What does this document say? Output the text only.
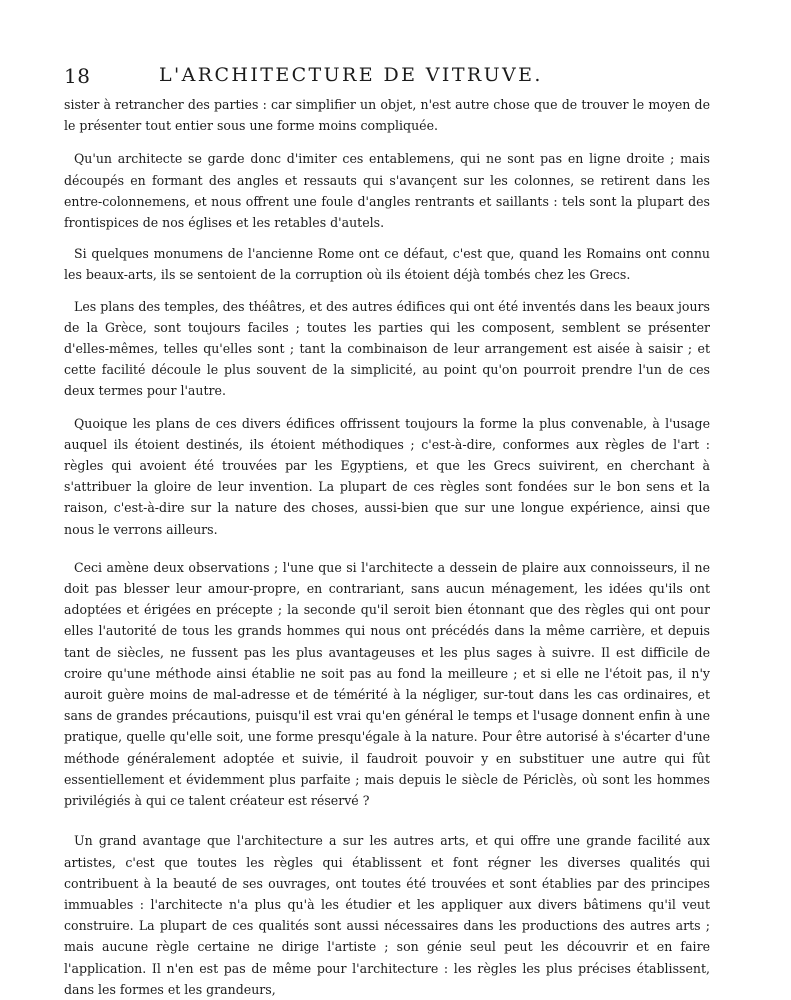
18	L'ARCHITECTURE DE VITRUVE.

sister à retrancher des parties : car simplifier un objet, n'est autre chose que de trouver le moyen de le présenter tout entier sous une forme moins compliquée.

Qu'un architecte se garde donc d'imiter ces entablemens, qui ne sont pas en ligne droite ; mais découpés en formant des angles et ressauts qui s'avançent sur les colonnes, se retirent dans les entre-colonnemens, et nous offrent une foule d'angles rentrants et saillants : tels sont la plupart des frontispices de nos églises et les retables d'autels.

Si quelques monumens de l'ancienne Rome ont ce défaut, c'est que, quand les Romains ont connu les beaux-arts, ils se sentoient de la corruption où ils étoient déjà tombés chez les Grecs.

Les plans des temples, des théâtres, et des autres édifices qui ont été inventés dans les beaux jours de la Grèce, sont toujours faciles ; toutes les parties qui les composent, semblent se présenter d'elles-mêmes, telles qu'elles sont ; tant la combinaison de leur arrangement est aisée à saisir ; et cette facilité découle le plus souvent de la simplicité, au point qu'on pourroit prendre l'un de ces deux termes pour l'autre.

Quoique les plans de ces divers édifices offrissent toujours la forme la plus convenable, à l'usage auquel ils étoient destinés, ils étoient méthodiques ; c'est-à-dire, conformes aux règles de l'art : règles qui avoient été trouvées par les Egyptiens, et que les Grecs suivirent, en cherchant à s'attribuer la gloire de leur invention. La plupart de ces règles sont fondées sur le bon sens et la raison, c'est-à-dire sur la nature des choses, aussi-bien que sur une longue expérience, ainsi que nous le verrons ailleurs.

Ceci amène deux observations ; l'une que si l'architecte a dessein de plaire aux connoisseurs, il ne doit pas blesser leur amour-propre, en contrariant, sans aucun ménagement, les idées qu'ils ont adoptées et érigées en précepte ; la seconde qu'il seroit bien étonnant que des règles qui ont pour elles l'autorité de tous les grands hommes qui nous ont précédés dans la même carrière, et depuis tant de siècles, ne fussent pas les plus avantageuses et les plus sages à suivre. Il est difficile de croire qu'une méthode ainsi établie ne soit pas au fond la meilleure ; et si elle ne l'étoit pas, il n'y auroit guère moins de mal-adresse et de témérité à la négliger, sur-tout dans les cas ordinaires, et sans de grandes précautions, puisqu'il est vrai qu'en général le temps et l'usage donnent enfin à une pratique, quelle qu'elle soit, une forme presqu'égale à la nature. Pour être autorisé à s'écarter d'une méthode généralement adoptée et suivie, il faudroit pouvoir y en substituer une autre qui fût essentiellement et évidemment plus parfaite ; mais depuis le siècle de Périclès, où sont les hommes privilégiés à qui ce talent créateur est réservé ?

Un grand avantage que l'architecture a sur les autres arts, et qui offre une grande facilité aux artistes, c'est que toutes les règles qui établissent et font régner les diverses qualités qui contribuent à la beauté de ses ouvrages, ont toutes été trouvées et sont établies par des principes immuables : l'architecte n'a plus qu'à les étudier et les appliquer aux divers bâtimens qu'il veut construire. La plupart de ces qualités sont aussi nécessaires dans les productions des autres arts ; mais aucune règle certaine ne dirige l'artiste ; son génie seul peut les découvrir et en faire l'application. Il n'en est pas de même pour l'architecture : les règles les plus précises établissent, dans les formes et les grandeurs,
